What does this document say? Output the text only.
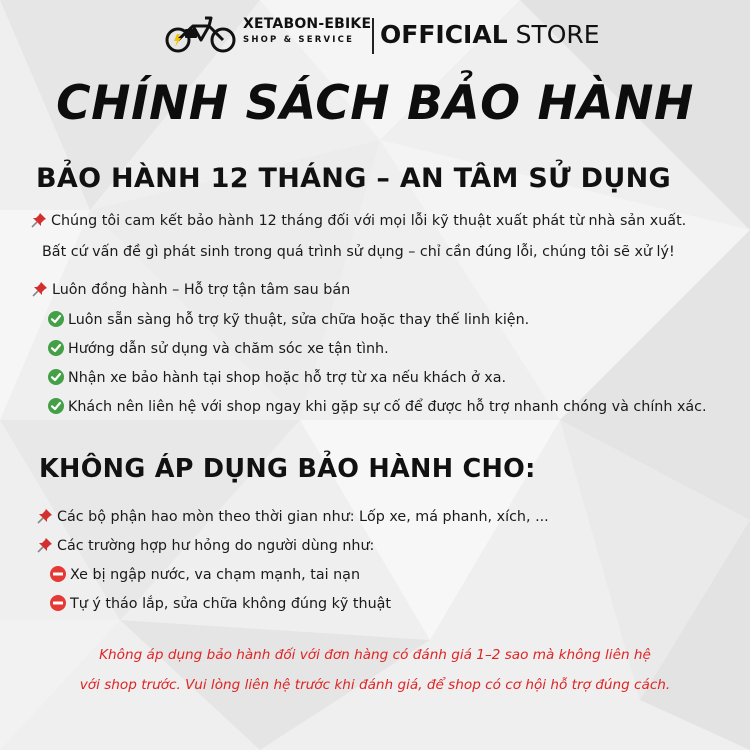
XETABON-EBIKE
SHOP & SERVICE	OFFICIAL STORE
CHÍNH SÁCH BẢO HÀNH
BẢO HÀNH 12 THÁNG – AN TÂM SỬ DỤNG
Chúng tôi cam kết bảo hành 12 tháng đối với mọi lỗi kỹ thuật xuất phát từ nhà sản xuất.
Bất cứ vấn đề gì phát sinh trong quá trình sử dụng – chỉ cần đúng lỗi, chúng tôi sẽ xử lý!
Luôn đồng hành – Hỗ trợ tận tâm sau bán
Luôn sẵn sàng hỗ trợ kỹ thuật, sửa chữa hoặc thay thế linh kiện.
Hướng dẫn sử dụng và chăm sóc xe tận tình.
Nhận xe bảo hành tại shop hoặc hỗ trợ từ xa nếu khách ở xa.
Khách nên liên hệ với shop ngay khi gặp sự cố để được hỗ trợ nhanh chóng và chính xác.
KHÔNG ÁP DỤNG BẢO HÀNH CHO:
Các bộ phận hao mòn theo thời gian như: Lốp xe, má phanh, xích, ...
Các trường hợp hư hỏng do người dùng như:
Xe bị ngập nước, va chạm mạnh, tai nạn
Tự ý tháo lắp, sửa chữa không đúng kỹ thuật
Không áp dụng bảo hành đối với đơn hàng có đánh giá 1–2 sao mà không liên hệ
với shop trước. Vui lòng liên hệ trước khi đánh giá, để shop có cơ hội hỗ trợ đúng cách.
